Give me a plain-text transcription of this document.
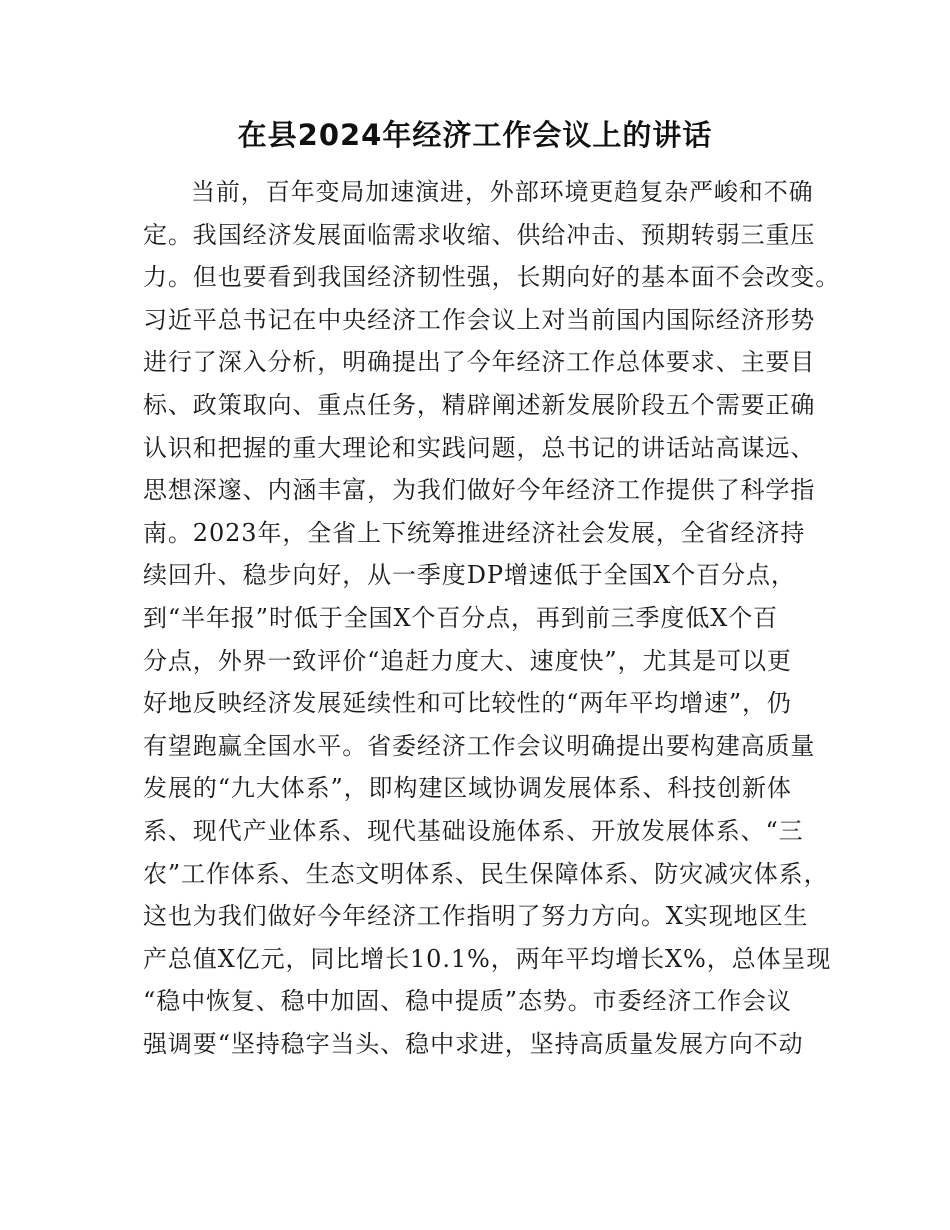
在县2024年经济工作会议上的讲话
当前，百年变局加速演进，外部环境更趋复杂严峻和不确
定。我国经济发展面临需求收缩、供给冲击、预期转弱三重压
力。但也要看到我国经济韧性强，长期向好的基本面不会改变。
习近平总书记在中央经济工作会议上对当前国内国际经济形势
进行了深入分析，明确提出了今年经济工作总体要求、主要目
标、政策取向、重点任务，精辟阐述新发展阶段五个需要正确
认识和把握的重大理论和实践问题，总书记的讲话站高谋远、
思想深邃、内涵丰富，为我们做好今年经济工作提供了科学指
南。2023年，全省上下统筹推进经济社会发展，全省经济持
续回升、稳步向好，从一季度DP增速低于全国X个百分点，
到“半年报”时低于全国X个百分点，再到前三季度低X个百
分点，外界一致评价“追赶力度大、速度快”，尤其是可以更
好地反映经济发展延续性和可比较性的“两年平均增速”，仍
有望跑赢全国水平。省委经济工作会议明确提出要构建高质量
发展的“九大体系”，即构建区域协调发展体系、科技创新体
系、现代产业体系、现代基础设施体系、开放发展体系、“三
农”工作体系、生态文明体系、民生保障体系、防灾减灾体系，
这也为我们做好今年经济工作指明了努力方向。X实现地区生
产总值X亿元，同比增长10.1%，两年平均增长X%，总体呈现
“稳中恢复、稳中加固、稳中提质”态势。市委经济工作会议
强调要“坚持稳字当头、稳中求进，坚持高质量发展方向不动
